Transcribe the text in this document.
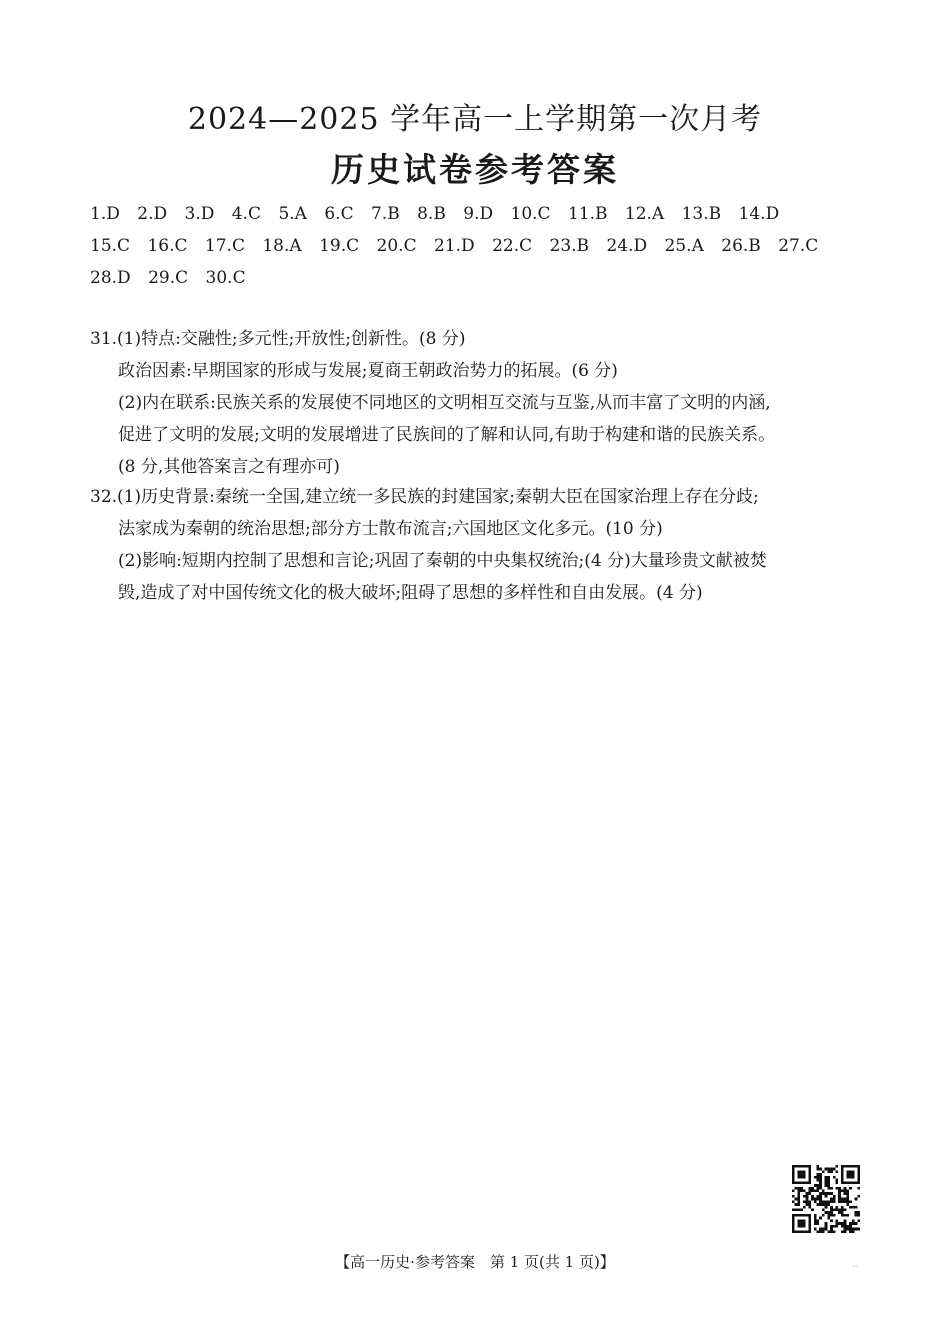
2024—2025 学年高一上学期第一次月考
历史试卷参考答案
1.D 2.D 3.D 4.C 5.A 6.C 7.B 8.B 9.D 10.C 11.B 12.A 13.B 14.D
15.C 16.C 17.C 18.A 19.C 20.C 21.D 22.C 23.B 24.D 25.A 26.B 27.C
28.D 29.C 30.C
31.(1)特点:交融性;多元性;开放性;创新性。(8 分)
政治因素:早期国家的形成与发展;夏商王朝政治势力的拓展。(6 分)
(2)内在联系:民族关系的发展使不同地区的文明相互交流与互鉴,从而丰富了文明的内涵,
促进了文明的发展;文明的发展增进了民族间的了解和认同,有助于构建和谐的民族关系。
(8 分,其他答案言之有理亦可)
32.(1)历史背景:秦统一全国,建立统一多民族的封建国家;秦朝大臣在国家治理上存在分歧;
法家成为秦朝的统治思想;部分方士散布流言;六国地区文化多元。(10 分)
(2)影响:短期内控制了思想和言论;巩固了秦朝的中央集权统治;(4 分)大量珍贵文献被焚
毁,造成了对中国传统文化的极大破坏;阻碍了思想的多样性和自由发展。(4 分)
【高一历史·参考答案　第 1 页(共 1 页)】	··
